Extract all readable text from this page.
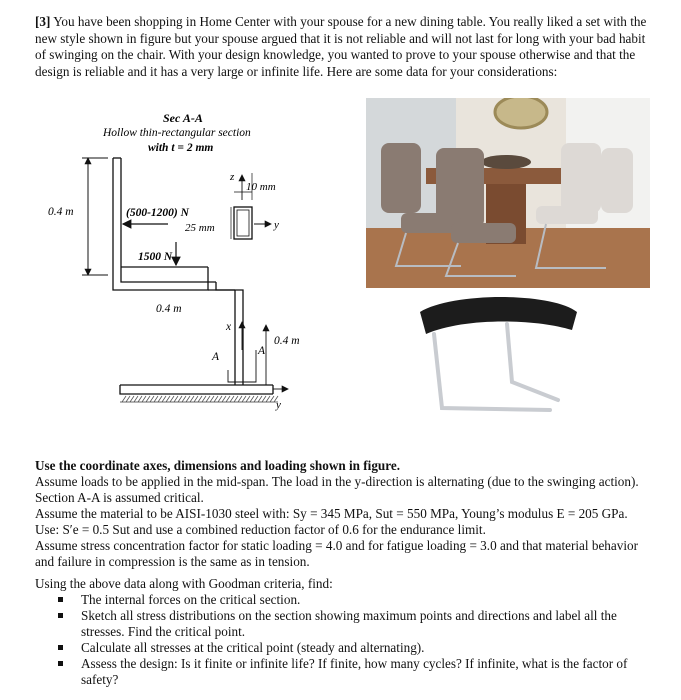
[3] You have been shopping in Home Center with your spouse for a new dining table. You really liked a set with the new style shown in figure but your spouse argued that it is not reliable and will not last for long with your bad habit of swinging on the chair. With your design knowledge, you wanted to prove to your spouse otherwise and that the design is reliable and it has a very large or infinite life. Here are some data for your considerations:
Sec A-A
Hollow thin-rectangular section
with t = 2 mm
0.4 m	(500-1200) N
1500 N
z
y
25 mm
10 mm
0.4 m
x
A	A
0.4 m
y

Use the coordinate axes, dimensions and loading shown in figure.

Assume loads to be applied in the mid-span. The load in the y-direction is alternating (due to the swinging action). Section A-A is assumed critical.

Assume the material to be AISI-1030 steel with: Sy = 345 MPa, Sut = 550 MPa, Young’s modulus E = 205 GPa.

Use: S′e = 0.5 Sut and use a combined reduction factor of 0.6 for the endurance limit.

Assume stress concentration factor for static loading = 4.0 and for fatigue loading = 3.0 and that material behavior and failure in compression is the same as in tension.

Using the above data along with Goodman criteria, find:

The internal forces on the critical section.
Sketch all stress distributions on the section showing maximum points and directions and label all the stresses. Find the critical point.
Calculate all stresses at the critical point (steady and alternating).
Assess the design: Is it finite or infinite life? If finite, how many cycles? If infinite, what is the factor of safety?
